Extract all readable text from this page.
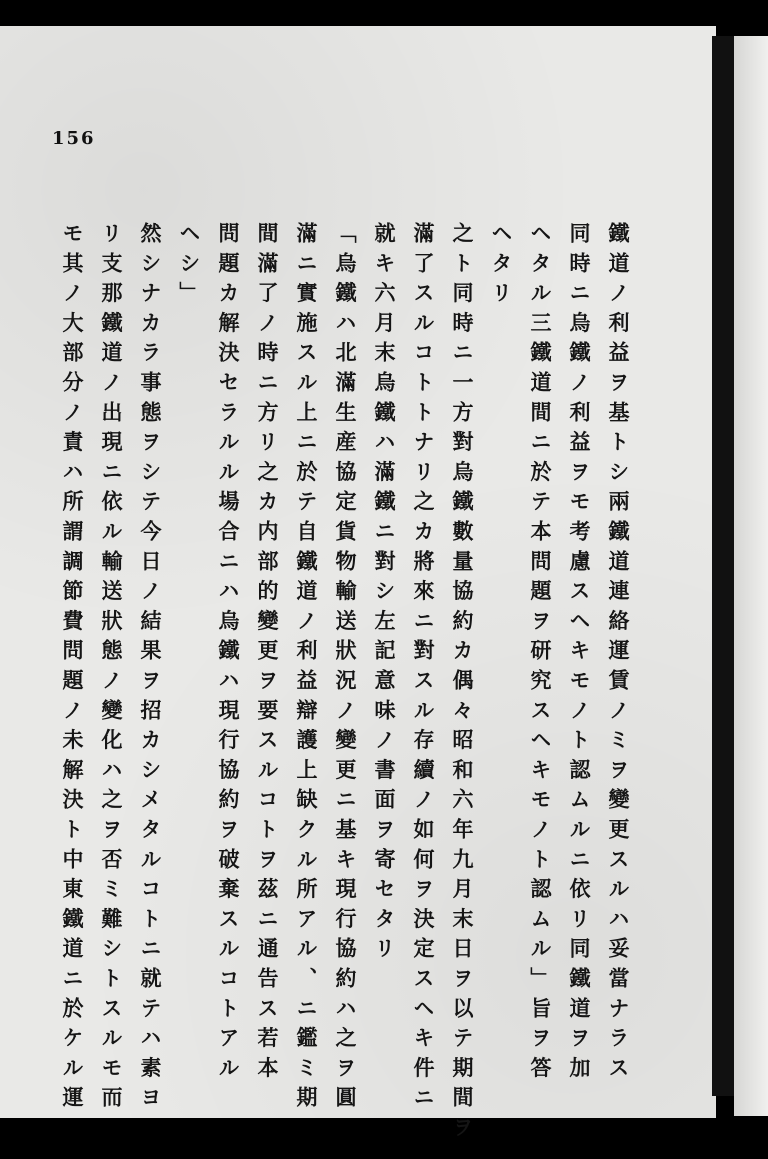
156
鐵道ノ利益ヲ基トシ兩鐵道連絡運賃ノミヲ變更スルハ妥當ナラス
同時ニ烏鐵ノ利益ヲモ考慮スヘキモノト認ムルニ依リ同鐵道ヲ加
ヘタル三鐵道間ニ於テ本問題ヲ研究スヘキモノト認ムル」旨ヲ答
ヘタリ
之ト同時ニ一方對烏鐵數量協約カ偶々昭和六年九月末日ヲ以テ期間ヲ
滿了スルコトトナリ之カ將來ニ對スル存續ノ如何ヲ決定スヘキ件ニ
就キ六月末烏鐵ハ滿鐵ニ對シ左記意味ノ書面ヲ寄セタリ
「烏鐵ハ北滿生産協定貨物輸送狀況ノ變更ニ基キ現行協約ハ之ヲ圓
滿ニ實施スル上ニ於テ自鐵道ノ利益辯護上缺クル所アル、ニ鑑ミ期
間滿了ノ時ニ方リ之カ内部的變更ヲ要スルコトヲ茲ニ通告ス若本
問題カ解決セラルル場合ニハ烏鐵ハ現行協約ヲ破棄スルコトアル
ヘシ」
然シナカラ事態ヲシテ今日ノ結果ヲ招カシメタルコトニ就テハ素ヨ
リ支那鐵道ノ出現ニ依ル輸送狀態ノ變化ハ之ヲ否ミ難シトスルモ而
モ其ノ大部分ノ責ハ所謂調節費問題ノ未解決ト中東鐵道ニ於ケル運
